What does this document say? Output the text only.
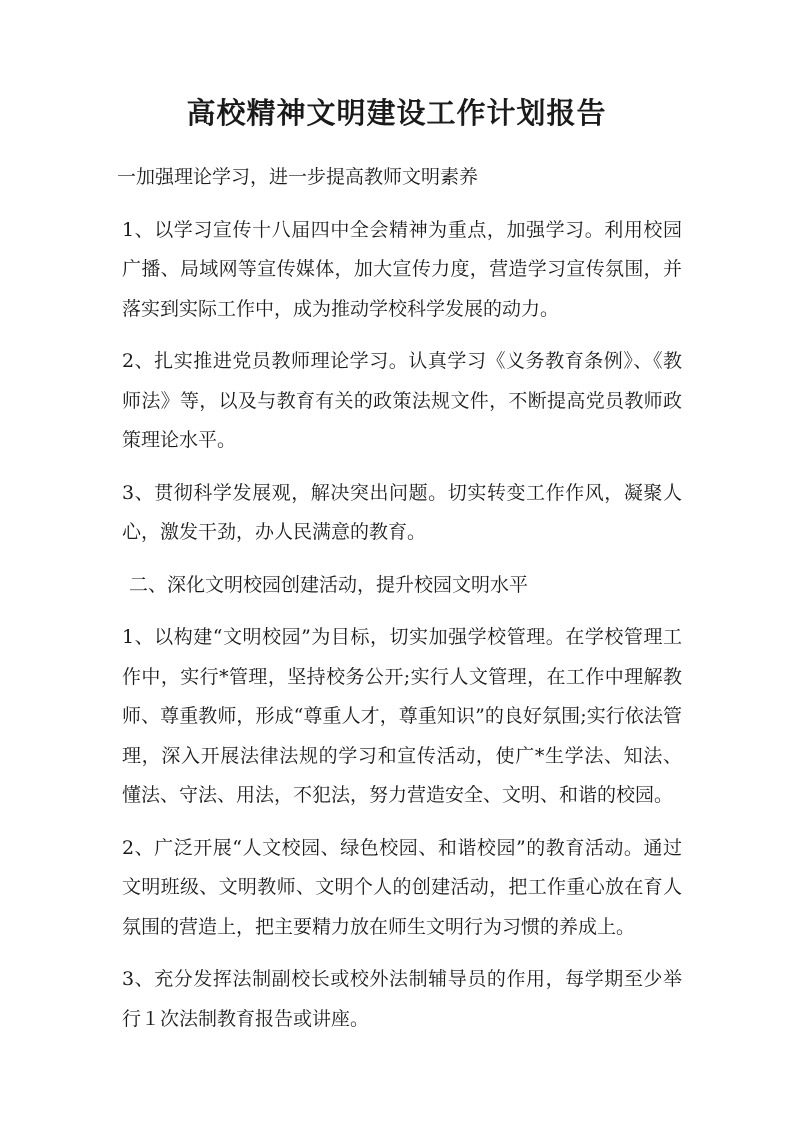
高校精神文明建设工作计划报告

一加强理论学习，进一步提高教师文明素养

1、以学习宣传十八届四中全会精神为重点，加强学习。利用校园广播、局域网等宣传媒体，加大宣传力度，营造学习宣传氛围，并落实到实际工作中，成为推动学校科学发展的动力。

2、扎实推进党员教师理论学习。认真学习《义务教育条例》、《教师法》等，以及与教育有关的政策法规文件，不断提高党员教师政策理论水平。

3、贯彻科学发展观，解决突出问题。切实转变工作作风，凝聚人心，激发干劲，办人民满意的教育。

二、深化文明校园创建活动，提升校园文明水平

1、以构建“文明校园”为目标，切实加强学校管理。在学校管理工作中，实行*管理，坚持校务公开;实行人文管理，在工作中理解教师、尊重教师，形成“尊重人才，尊重知识”的良好氛围;实行依法管理，深入开展法律法规的学习和宣传活动，使广*生学法、知法、懂法、守法、用法，不犯法，努力营造安全、文明、和谐的校园。

2、广泛开展“人文校园、绿色校园、和谐校园”的教育活动。通过文明班级、文明教师、文明个人的创建活动，把工作重心放在育人氛围的营造上，把主要精力放在师生文明行为习惯的养成上。

3、充分发挥法制副校长或校外法制辅导员的作用，每学期至少举行１次法制教育报告或讲座。
